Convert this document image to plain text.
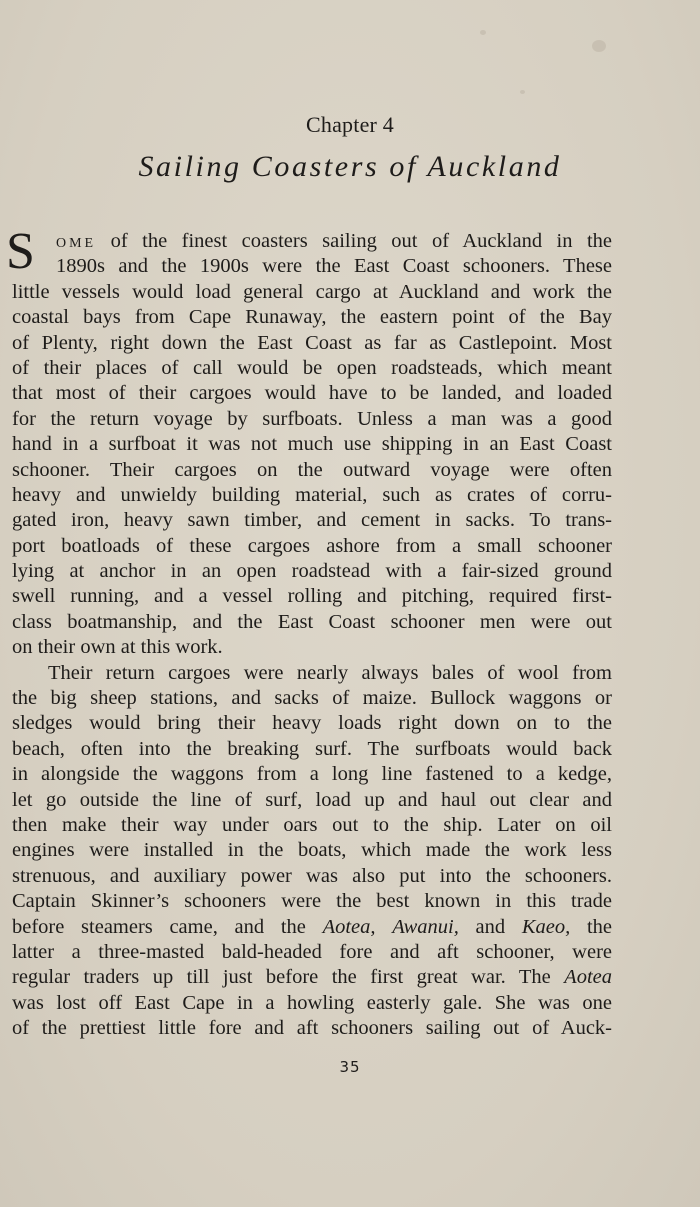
Chapter 4
Sailing Coasters of Auckland
S	ome of the finest coasters sailing out of Auckland in the
1890s and the 1900s were the East Coast schooners. These
little vessels would load general cargo at Auckland and work the
coastal bays from Cape Runaway, the eastern point of the Bay
of Plenty, right down the East Coast as far as Castlepoint. Most
of their places of call would be open roadsteads, which meant
that most of their cargoes would have to be landed, and loaded
for the return voyage by surfboats. Unless a man was a good
hand in a surfboat it was not much use shipping in an East Coast
schooner. Their cargoes on the outward voyage were often
heavy and unwieldy building material, such as crates of corru-
gated iron, heavy sawn timber, and cement in sacks. To trans-
port boatloads of these cargoes ashore from a small schooner
lying at anchor in an open roadstead with a fair-sized ground
swell running, and a vessel rolling and pitching, required first-
class boatmanship, and the East Coast schooner men were out
on their own at this work.
Their return cargoes were nearly always bales of wool from
the big sheep stations, and sacks of maize. Bullock waggons or
sledges would bring their heavy loads right down on to the
beach, often into the breaking surf. The surfboats would back
in alongside the waggons from a long line fastened to a kedge,
let go outside the line of surf, load up and haul out clear and
then make their way under oars out to the ship. Later on oil
engines were installed in the boats, which made the work less
strenuous, and auxiliary power was also put into the schooners.
Captain Skinner’s schooners were the best known in this trade
before steamers came, and the Aotea, Awanui, and Kaeo, the
latter a three-masted bald-headed fore and aft schooner, were
regular traders up till just before the first great war. The Aotea
was lost off East Cape in a howling easterly gale. She was one
of the prettiest little fore and aft schooners sailing out of Auck-
35
